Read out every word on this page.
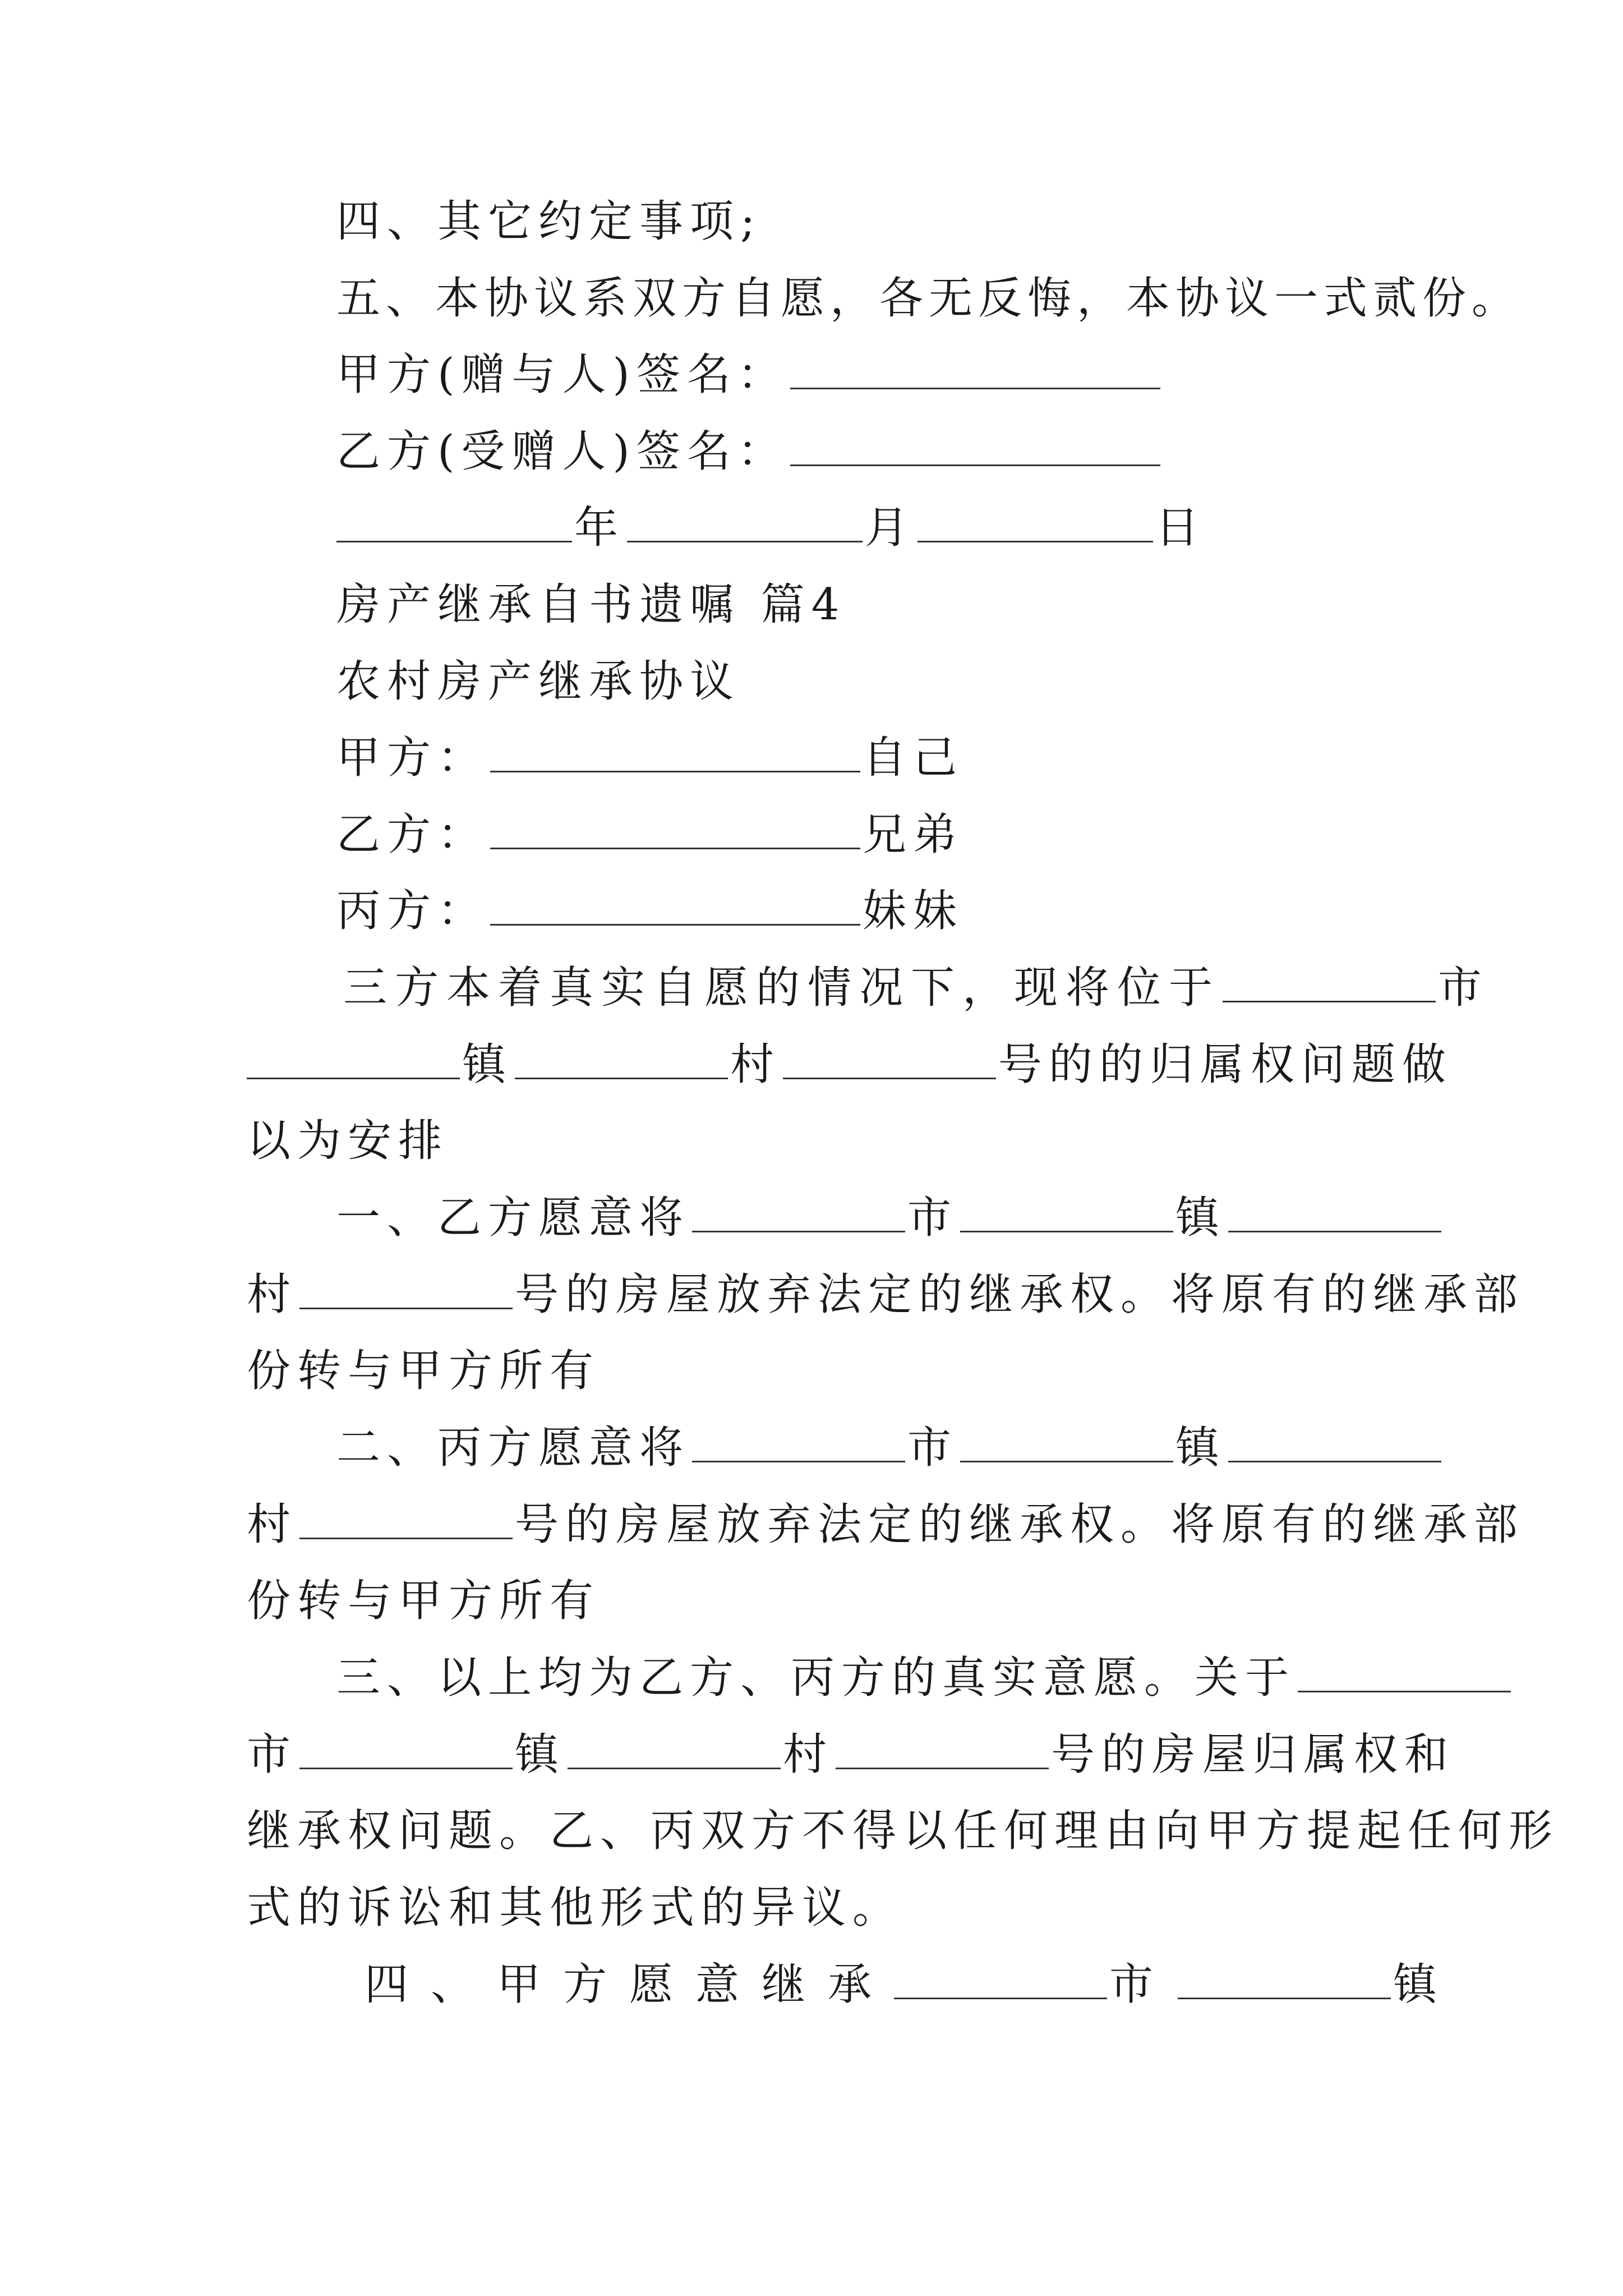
四、其它约定事项;
五、本协议系双方自愿，各无反悔，本协议一式贰份。
甲方(赠与人)签名：
乙方(受赠人)签名：
年	月	日
房产继承自书遗嘱 篇4
农村房产继承协议
甲方：	自己
乙方：	兄弟
丙方：	妹妹
三方本着真实自愿的情况下，现将位于	市
镇	村	号的的归属权问题做
以为安排
一、乙方愿意将	市	镇
村	号的房屋放弃法定的继承权。将原有的继承部
份转与甲方所有
二、丙方愿意将	市	镇
村	号的房屋放弃法定的继承权。将原有的继承部
份转与甲方所有
三、以上均为乙方、丙方的真实意愿。关于
市	镇	村	号的房屋归属权和
继承权问题。乙、丙双方不得以任何理由向甲方提起任何形
式的诉讼和其他形式的异议。
四、甲方愿意继承	市	镇
